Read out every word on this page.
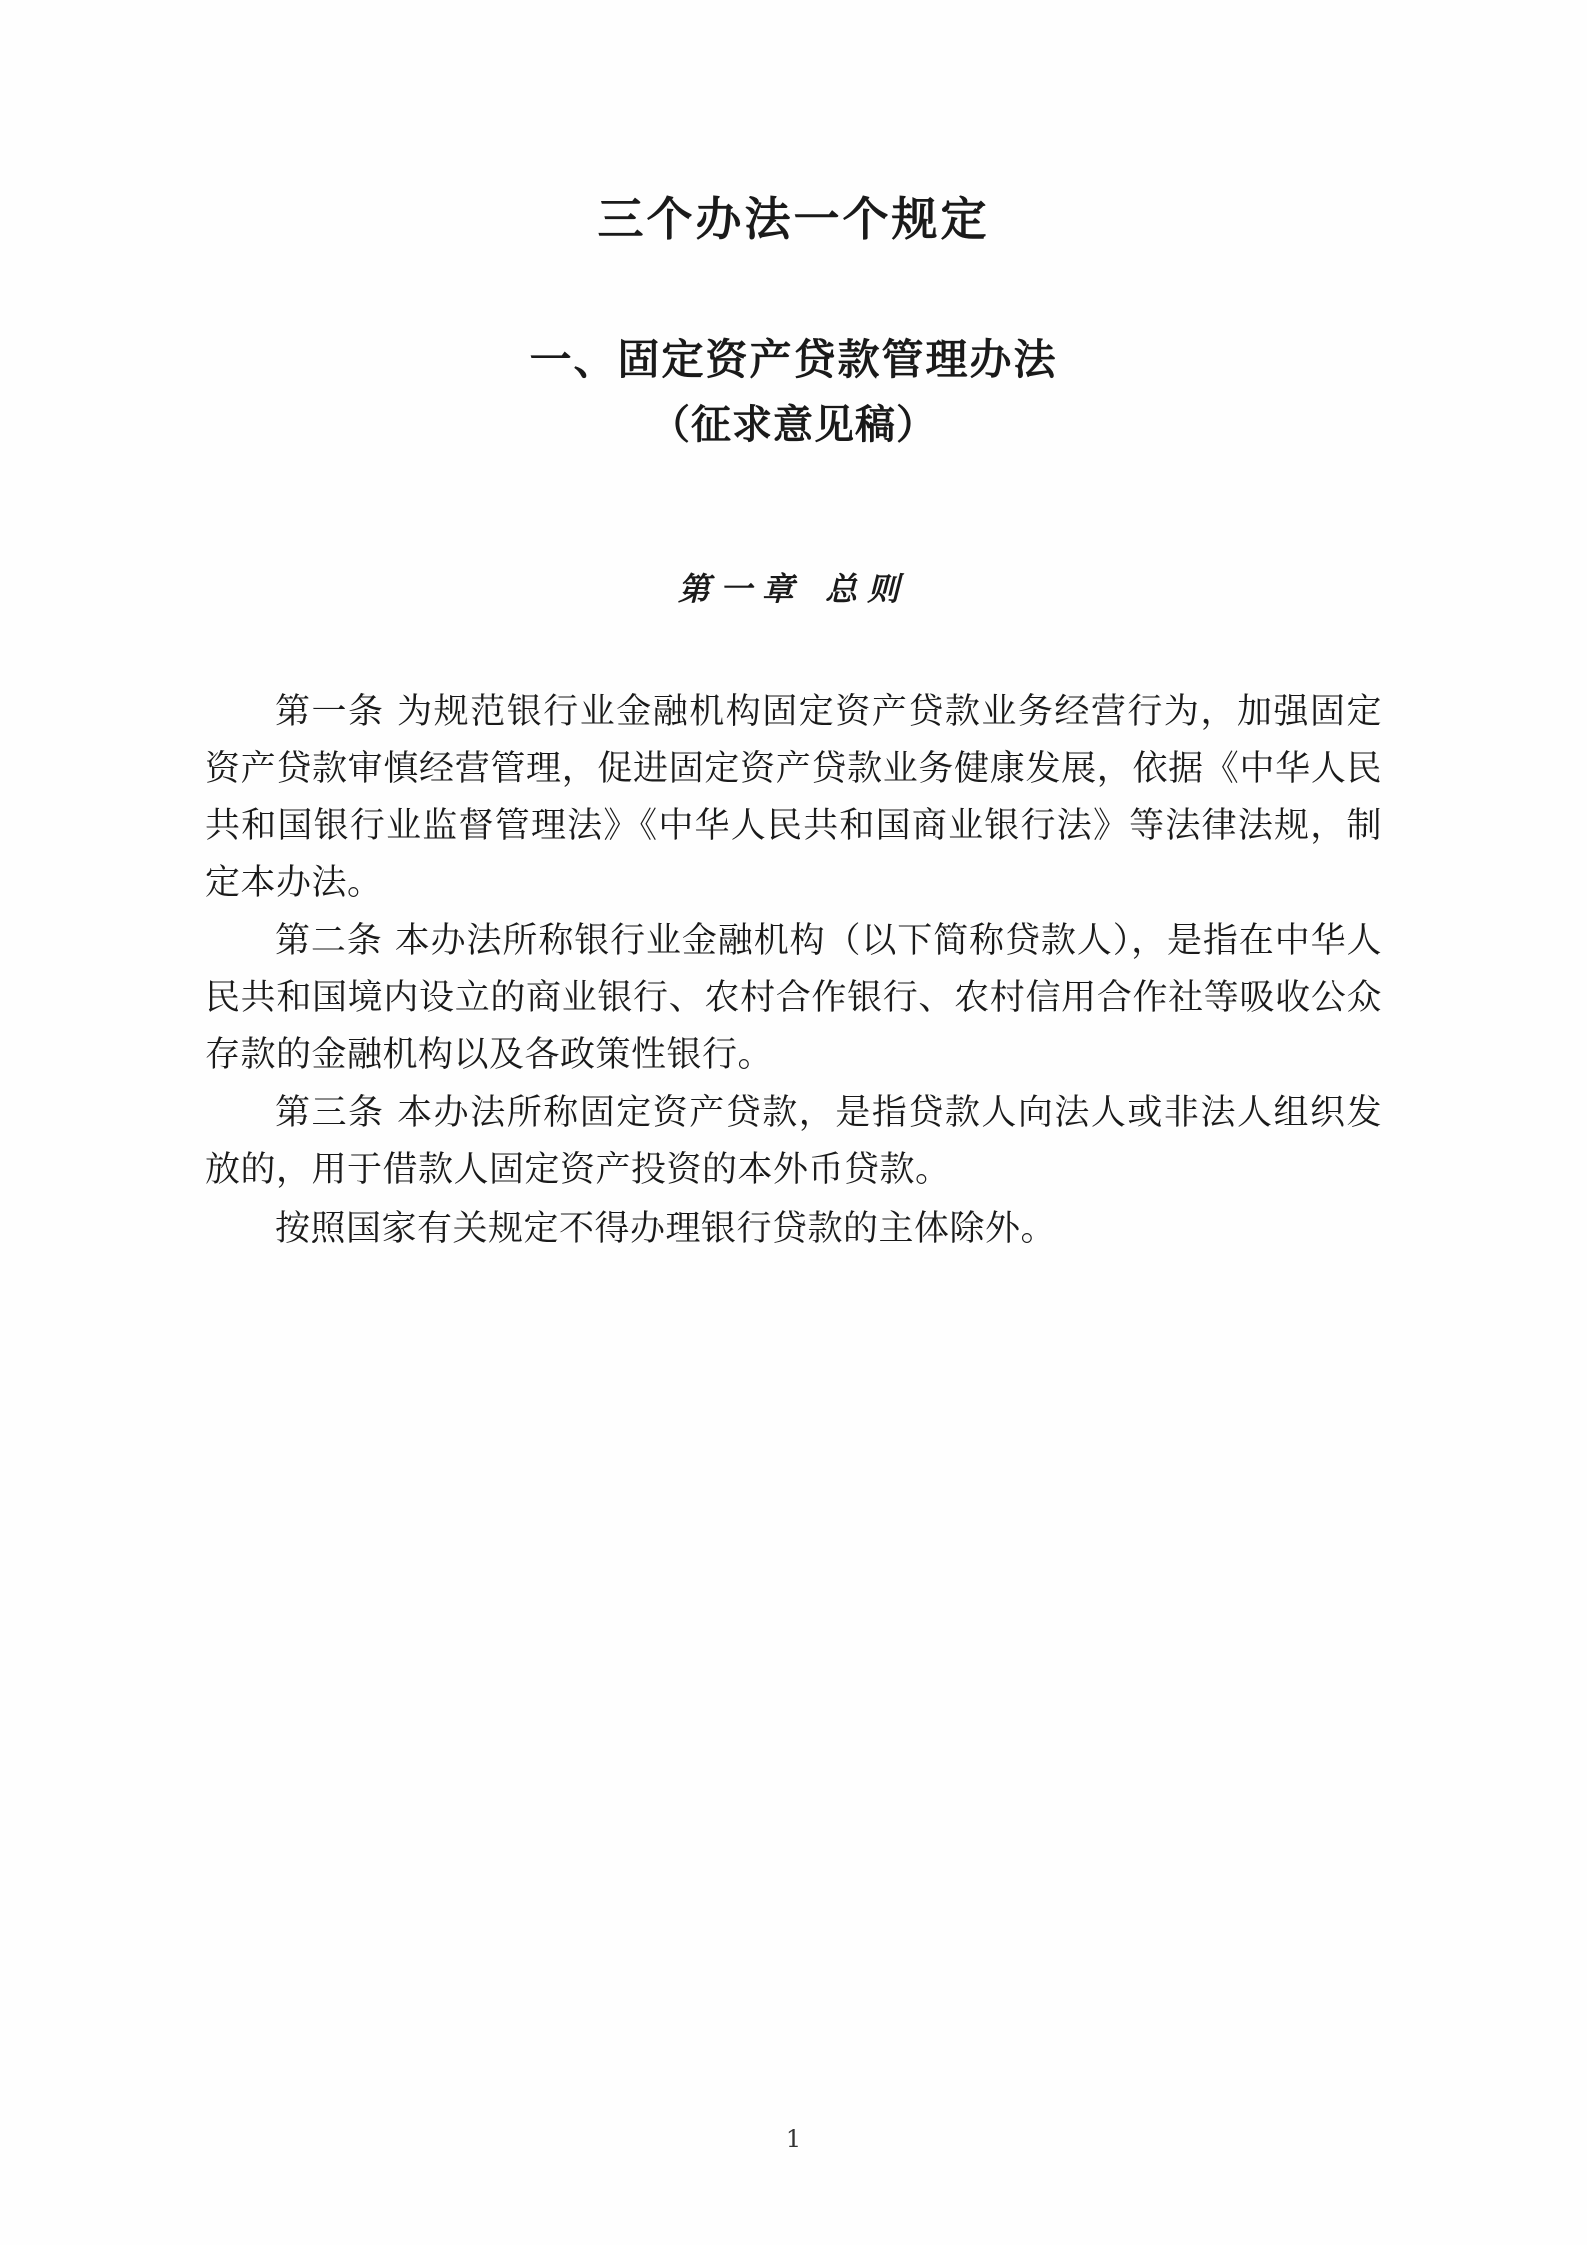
三个办法一个规定
一、固定资产贷款管理办法
（征求意见稿）
第一章 总则

第一条 为规范银行业金融机构固定资产贷款业务经营行为，加强固定资产贷款审慎经营管理，促进固定资产贷款业务健康发展，依据《中华人民共和国银行业监督管理法》《中华人民共和国商业银行法》等法律法规，制定本办法。

第二条 本办法所称银行业金融机构（以下简称贷款人），是指在中华人民共和国境内设立的商业银行、农村合作银行、农村信用合作社等吸收公众存款的金融机构以及各政策性银行。

第三条 本办法所称固定资产贷款，是指贷款人向法人或非法人组织发放的，用于借款人固定资产投资的本外币贷款。

按照国家有关规定不得办理银行贷款的主体除外。

1
